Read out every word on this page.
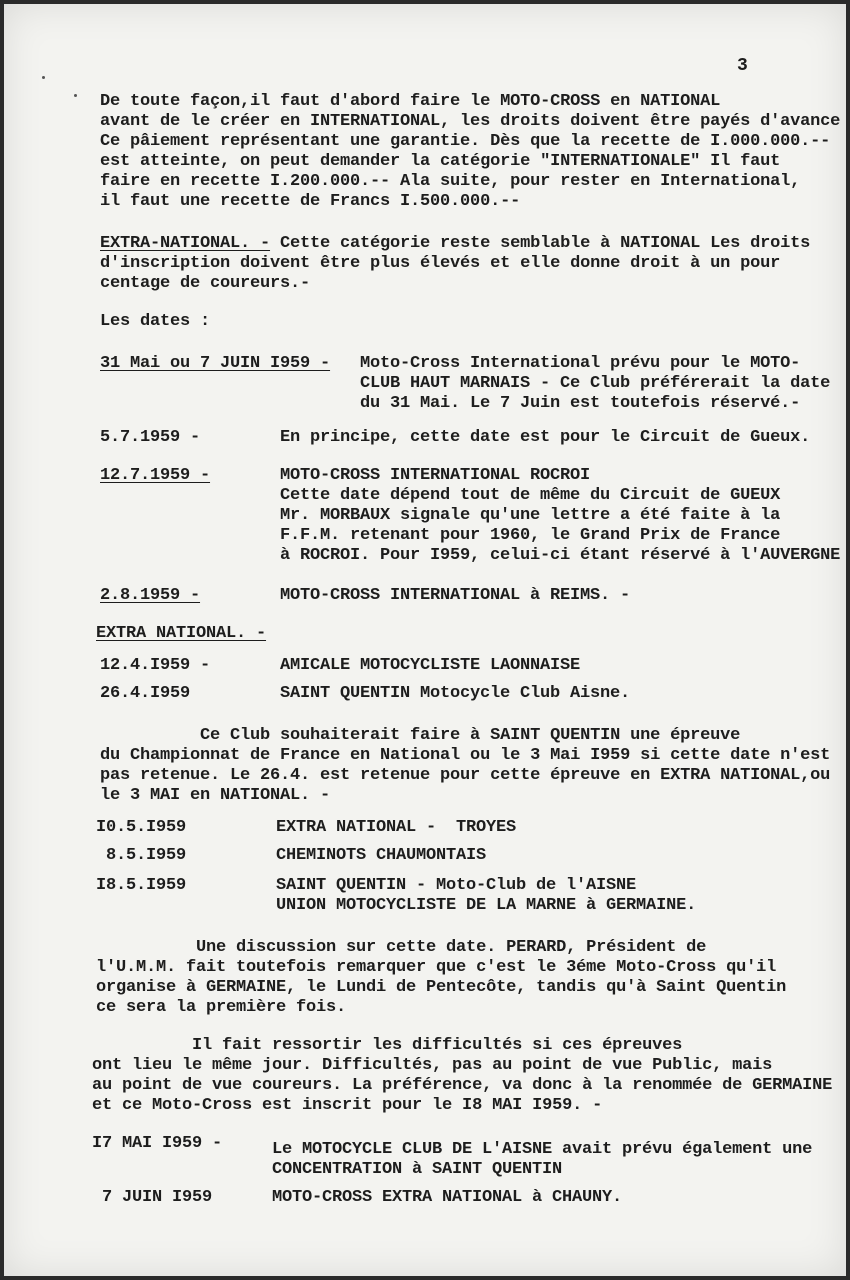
3
De toute façon,il faut d'abord faire le MOTO-CROSS en NATIONAL
avant de le créer en INTERNATIONAL, les droits doivent être payés d'avance
Ce pâiement représentant une garantie. Dès que la recette de I.000.000.--
est atteinte, on peut demander la catégorie "INTERNATIONALE" Il faut
faire en recette I.200.000.-- Ala suite, pour rester en International,
il faut une recette de Francs I.500.000.--
EXTRA-NATIONAL. - Cette catégorie reste semblable à NATIONAL Les droits
d'inscription doivent être plus élevés et elle donne droit à un pour
centage de coureurs.-
Les dates :
31 Mai ou 7 JUIN I959 - Moto-Cross International prévu pour le MOTO-
CLUB HAUT MARNAIS - Ce Club préférerait la date
du 31 Mai. Le 7 Juin est toutefois réservé.-
5.7.1959 -	En principe, cette date est pour le Circuit de Gueux.
12.7.1959 -	MOTO-CROSS INTERNATIONAL ROCROI
Cette date dépend tout de même du Circuit de GUEUX
Mr. MORBAUX signale qu'une lettre a été faite à la
F.F.M. retenant pour 1960, le Grand Prix de France
à ROCROI. Pour I959, celui-ci étant réservé à l'AUVERGNE
2.8.1959 -	MOTO-CROSS INTERNATIONAL à REIMS. -
EXTRA NATIONAL. -
12.4.I959 -	AMICALE MOTOCYCLISTE LAONNAISE
26.4.I959	SAINT QUENTIN Motocycle Club Aisne.
Ce Club souhaiterait faire à SAINT QUENTIN une épreuve
du Championnat de France en National ou le 3 Mai I959 si cette date n'est
pas retenue. Le 26.4. est retenue pour cette épreuve en EXTRA NATIONAL,ou
le 3 MAI en NATIONAL. -
I0.5.I959	EXTRA NATIONAL -  TROYES
8.5.I959	CHEMINOTS CHAUMONTAIS
I8.5.I959	SAINT QUENTIN - Moto-Club de l'AISNE
UNION MOTOCYCLISTE DE LA MARNE à GERMAINE.
Une discussion sur cette date. PERARD, Président de
l'U.M.M. fait toutefois remarquer que c'est le 3éme Moto-Cross qu'il
organise à GERMAINE, le Lundi de Pentecôte, tandis qu'à Saint Quentin
ce sera la première fois.
Il fait ressortir les difficultés si ces épreuves
ont lieu le même jour. Difficultés, pas au point de vue Public, mais
au point de vue coureurs. La préférence, va donc à la renommée de GERMAINE
et ce Moto-Cross est inscrit pour le I8 MAI I959. -
I7 MAI I959 -	Le MOTOCYCLE CLUB DE L'AISNE avait prévu également une
CONCENTRATION à SAINT QUENTIN
7 JUIN I959	MOTO-CROSS EXTRA NATIONAL à CHAUNY.
